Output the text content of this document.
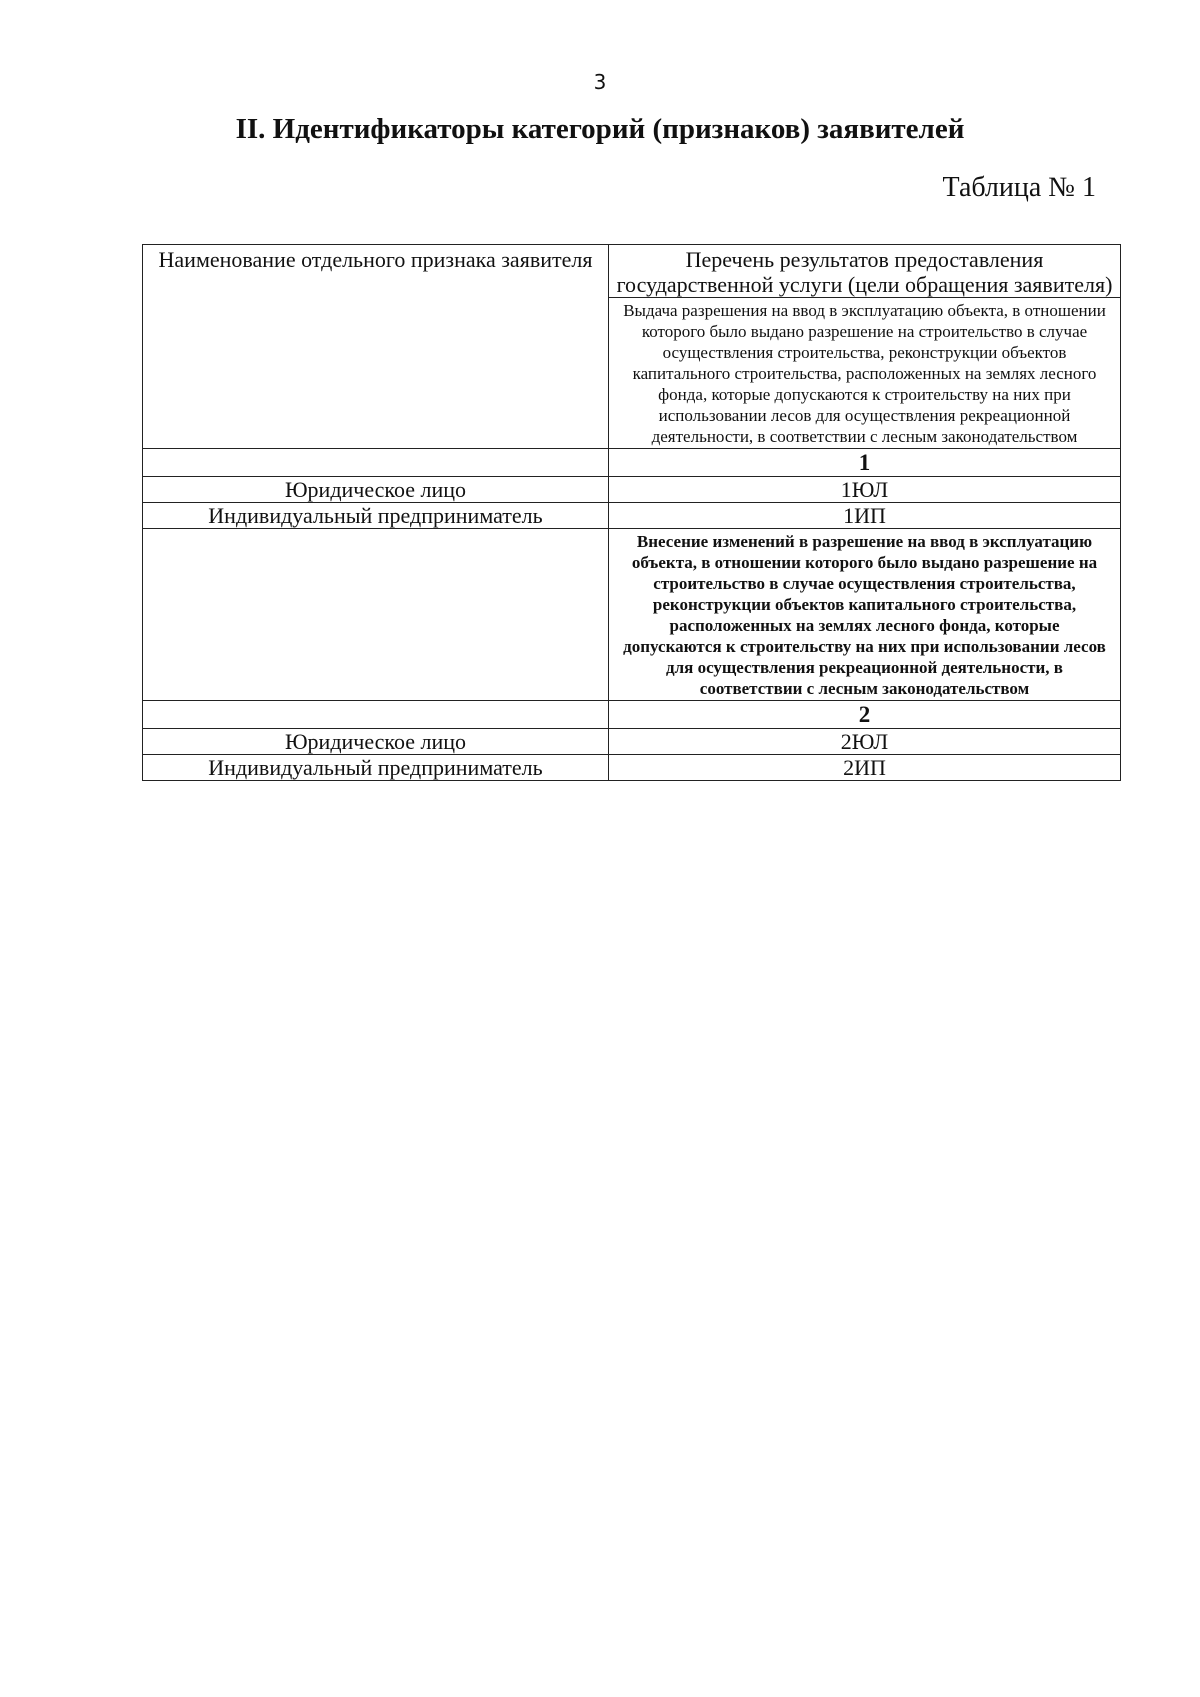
3
II. Идентификаторы категорий (признаков) заявителей
Таблица № 1
Наименование отдельного признака заявителя	Перечень результатов предоставления государственной услуги (цели обращения заявителя)
	Выдача разрешения на ввод в эксплуатацию объекта, в отношении которого было выдано разрешение на строительство в случае осуществления строительства, реконструкции объектов капитального строительства, расположенных на землях лесного фонда, которые допускаются к строительству на них при использовании лесов для осуществления рекреационной деятельности, в соответствии с лесным законодательством
	1
Юридическое лицо	1ЮЛ
Индивидуальный предприниматель	1ИП
	Внесение изменений в разрешение на ввод в эксплуатацию объекта, в отношении которого было выдано разрешение на строительство в случае осуществления строительства, реконструкции объектов капитального строительства, расположенных на землях лесного фонда, которые допускаются к строительству на них при использовании лесов для осуществления рекреационной деятельности, в соответствии с лесным законодательством
	2
Юридическое лицо	2ЮЛ
Индивидуальный предприниматель	2ИП
